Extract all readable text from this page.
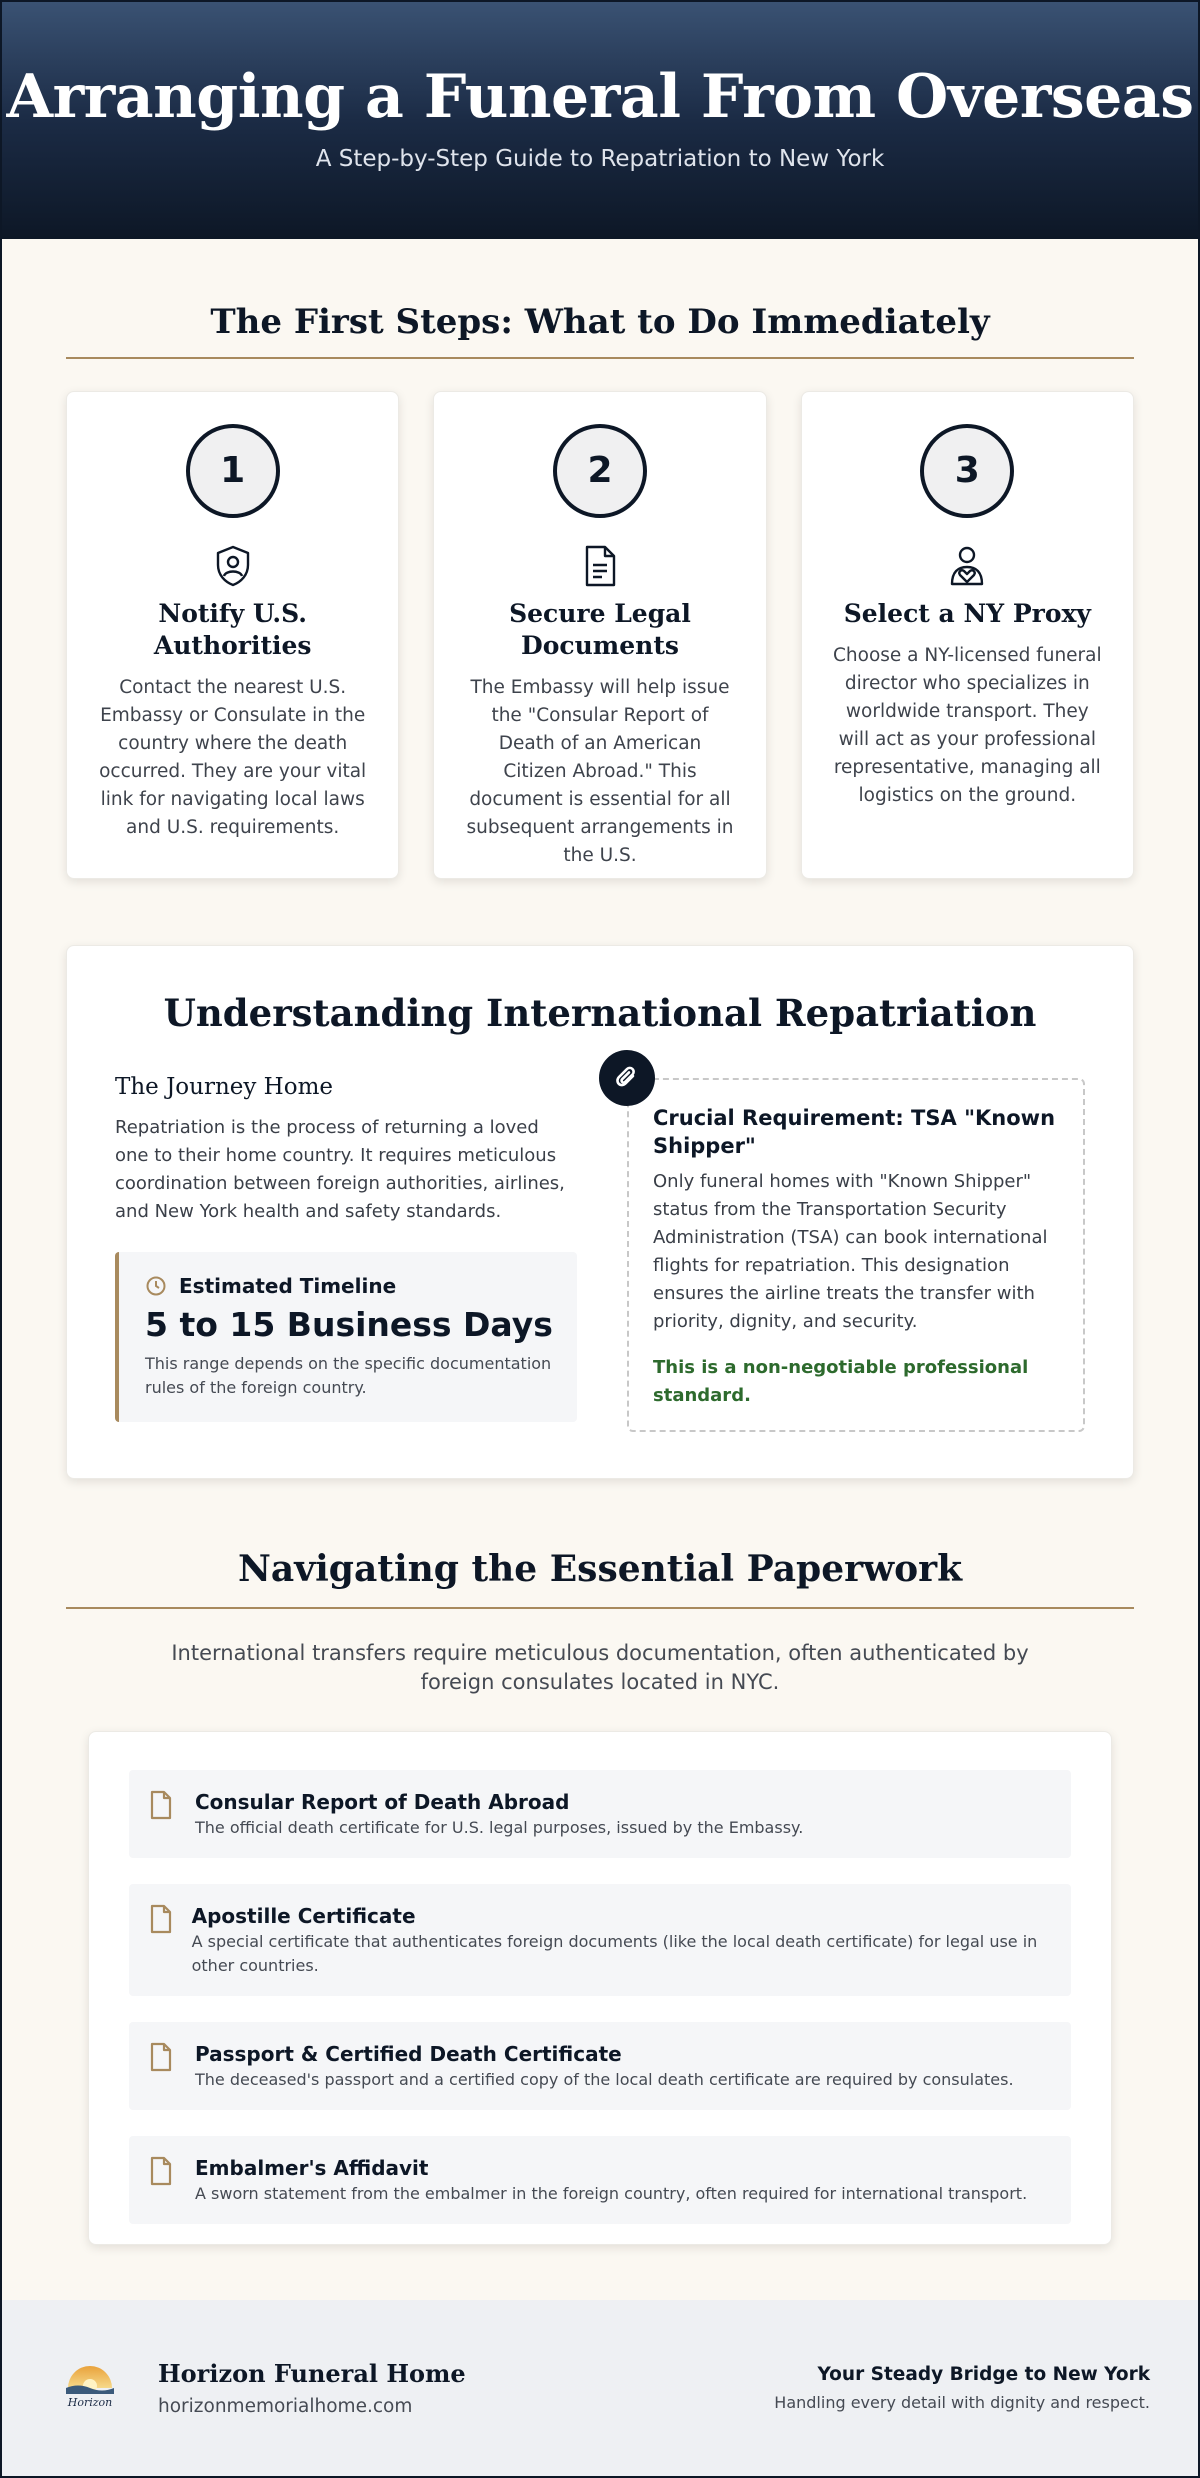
Arranging a Funeral From Overseas

A Step-by-Step Guide to Repatriation to New York

The First Steps: What to Do Immediately
1
Notify U.S. Authorities

Contact the nearest U.S. Embassy or Consulate in the country where the death occurred. They are your vital link for navigating local laws and U.S. requirements.

2
Secure Legal Documents

The Embassy will help issue the "Consular Report of Death of an American Citizen Abroad." This document is essential for all subsequent arrangements in the U.S.

3
Select a NY Proxy

Choose a NY-licensed funeral director who specializes in worldwide transport. They will act as your professional representative, managing all logistics on the ground.

Understanding International Repatriation
The Journey Home

Repatriation is the process of returning a loved one to their home country. It requires meticulous coordination between foreign authorities, airlines, and New York health and safety standards.

Estimated Timeline
5 to 15 Business Days
This range depends on the specific documentation rules of the foreign country.
Crucial Requirement: TSA "Known Shipper"

Only funeral homes with "Known Shipper" status from the Transportation Security Administration (TSA) can book international flights for repatriation. This designation ensures the airline treats the transfer with priority, dignity, and security.

This is a non-negotiable professional standard.

Navigating the Essential Paperwork

International transfers require meticulous documentation, often authenticated by foreign consulates located in NYC.

Consular Report of Death Abroad

The official death certificate for U.S. legal purposes, issued by the Embassy.

Apostille Certificate

A special certificate that authenticates foreign documents (like the local death certificate) for legal use in other countries.

Passport & Certified Death Certificate

The deceased's passport and a certified copy of the local death certificate are required by consulates.

Embalmer's Affidavit

A sworn statement from the embalmer in the foreign country, often required for international transport.

Horizon
Horizon Funeral Home
horizonmemorialhome.com
Your Steady Bridge to New York
Handling every detail with dignity and respect.
